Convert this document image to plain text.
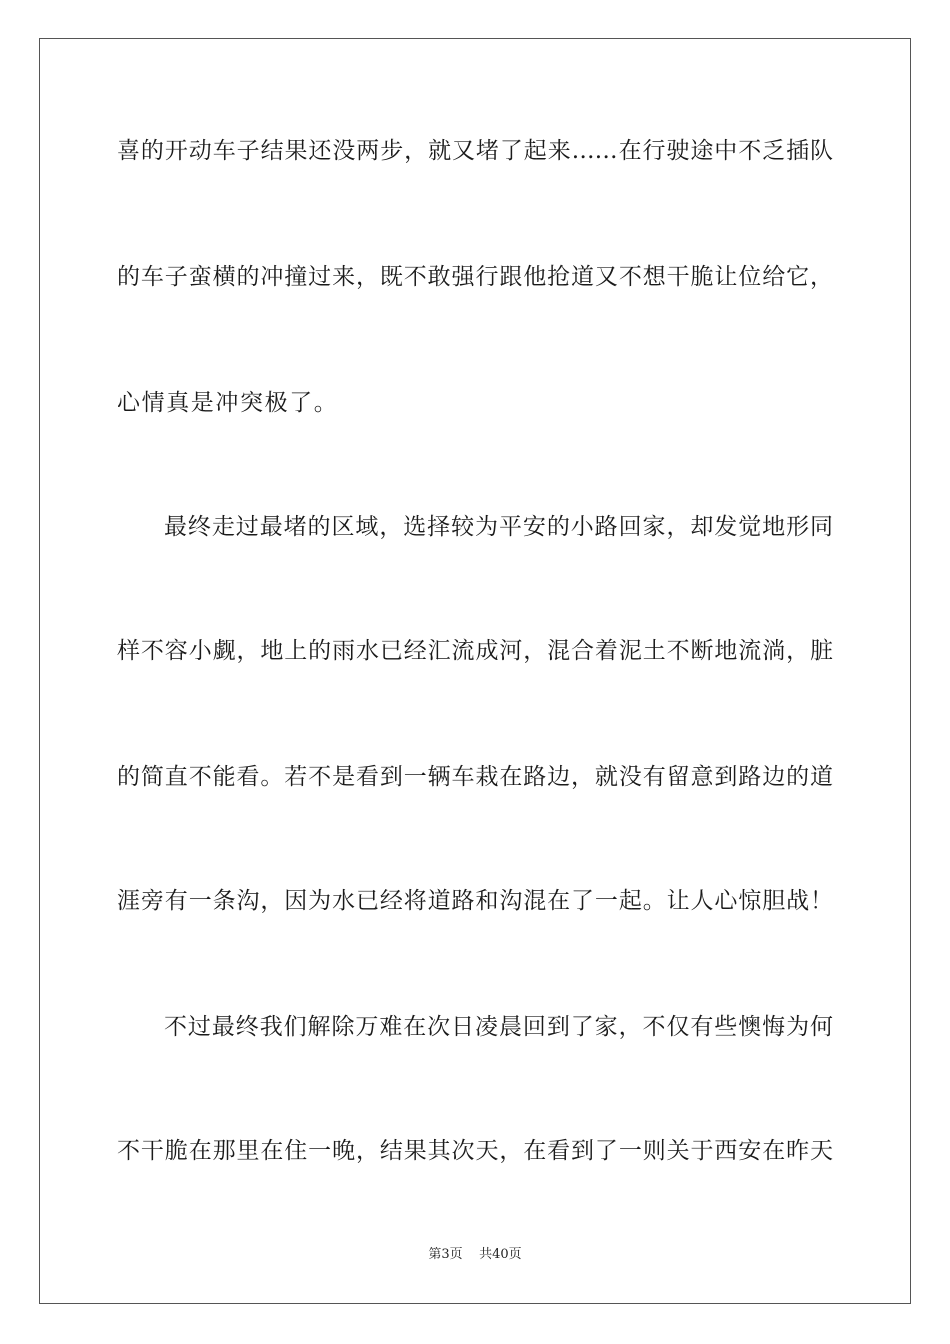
喜的开动车子结果还没两步，就又堵了起来……在行驶途中不乏插队
的车子蛮横的冲撞过来，既不敢强行跟他抢道又不想干脆让位给它，
心情真是冲突极了。
最终走过最堵的区域，选择较为平安的小路回家，却发觉地形同
样不容小觑，地上的雨水已经汇流成河，混合着泥土不断地流淌，脏
的简直不能看。若不是看到一辆车栽在路边，就没有留意到路边的道
涯旁有一条沟，因为水已经将道路和沟混在了一起。让人心惊胆战！
不过最终我们解除万难在次日凌晨回到了家，不仅有些懊悔为何
不干脆在那里在住一晚，结果其次天，在看到了一则关于西安在昨天
第3页 共40页
